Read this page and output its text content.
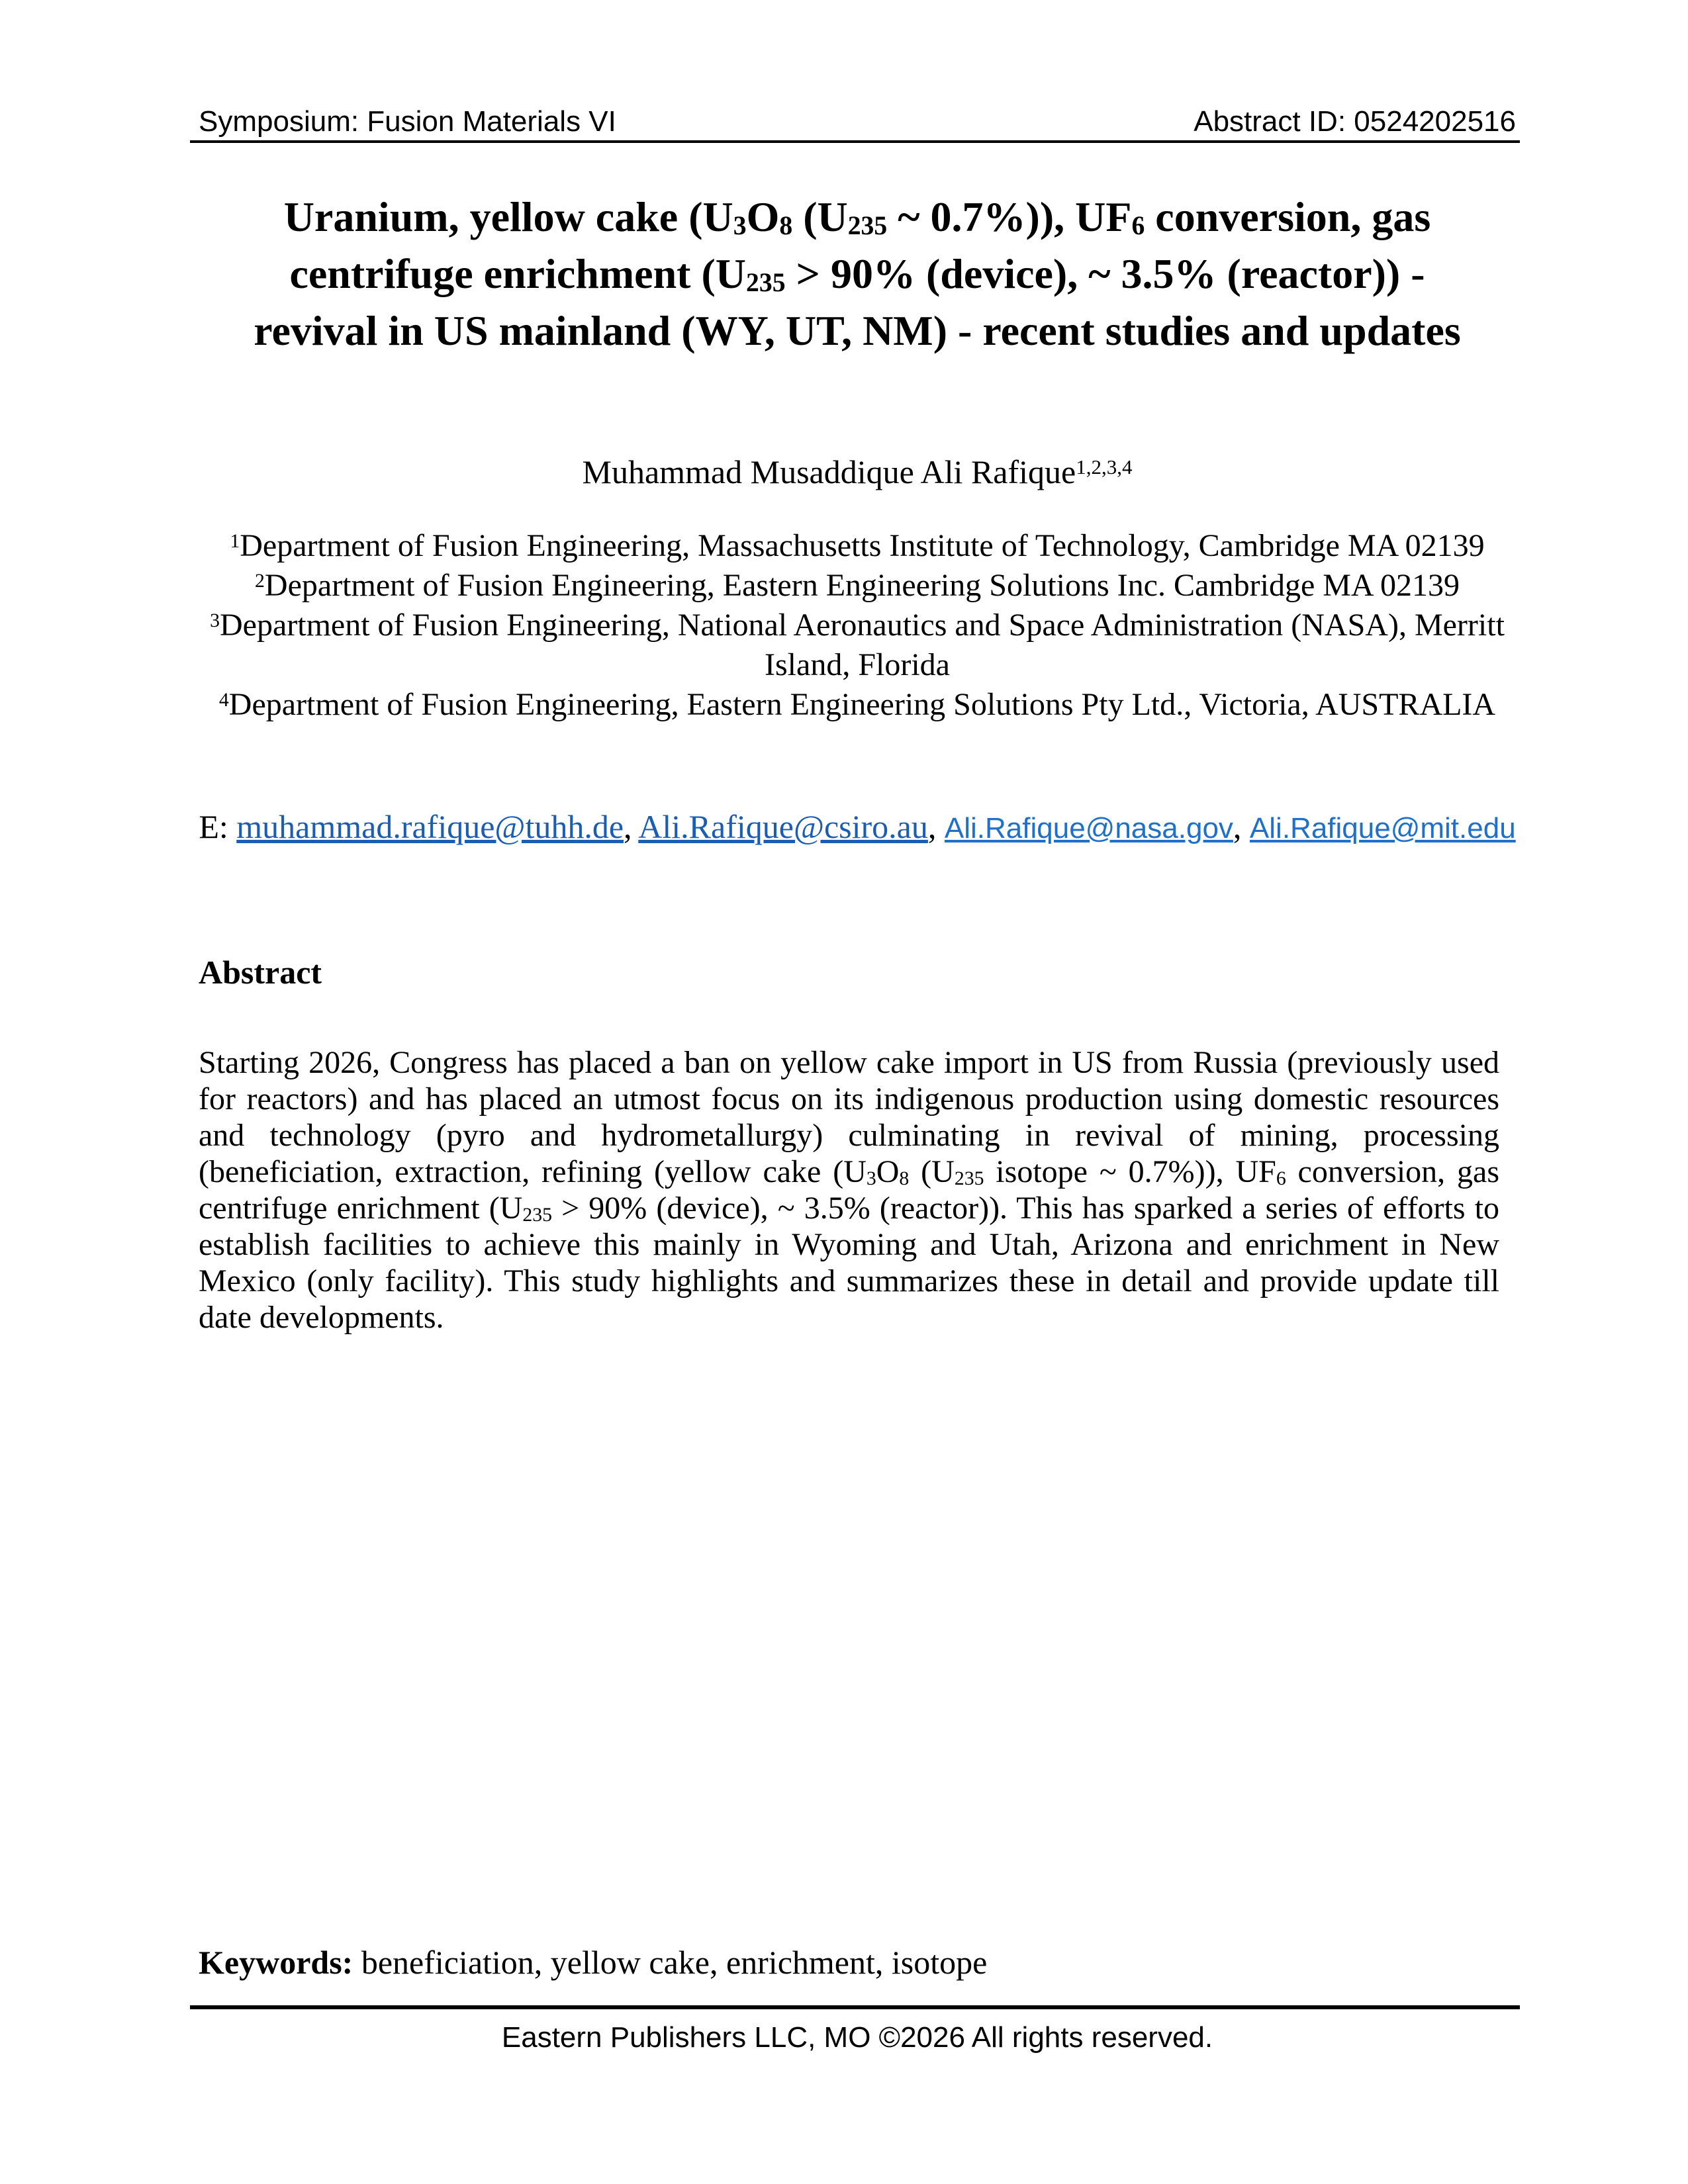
Symposium: Fusion Materials VI	Abstract ID: 0524202516
Uranium, yellow cake ($U_3O_8$ ($U_{235}$ ~ 0.7%)), $UF_6$ conversion, gas
centrifuge enrichment ($U_{235} > 90\%$ (device), ~ 3.5% (reactor)) -
revival in US mainland (WY, UT, NM) - recent studies and updates
Muhammad Musaddique Ali Rafique$^{1,2,3,4}$
$^1$Department of Fusion Engineering, Massachusetts Institute of Technology, Cambridge MA 02139
$^2$Department of Fusion Engineering, Eastern Engineering Solutions Inc. Cambridge MA 02139
$^3$Department of Fusion Engineering, National Aeronautics and Space Administration (NASA), Merritt Island, Florida
$^4$Department of Fusion Engineering, Eastern Engineering Solutions Pty Ltd., Victoria, AUSTRALIA
E: muhammad.rafique@tuhh.de, Ali.Rafique@csiro.au, Ali.Rafique@nasa.gov, Ali.Rafique@mit.edu
Abstract

Starting 2026, Congress has placed a ban on yellow cake import in US from Russia (previously used for reactors) and has placed an utmost focus on its indigenous production using domestic resources and technology (pyro and hydrometallurgy) culminating in revival of mining, processing (beneficiation, extraction, refining (yellow cake ($U_3O_8$ ($U_{235}$ isotope ~ 0.7%)), $UF_6$ conversion, gas centrifuge enrichment ($U_{235} > 90\%$ (device), ~ 3.5% (reactor)). This has sparked a series of efforts to establish facilities to achieve this mainly in Wyoming and Utah, Arizona and enrichment in New Mexico (only facility). This study highlights and summarizes these in detail and provide update till date developments.

Keywords: beneficiation, yellow cake, enrichment, isotope
Eastern Publishers LLC, MO ©2026 All rights reserved.
